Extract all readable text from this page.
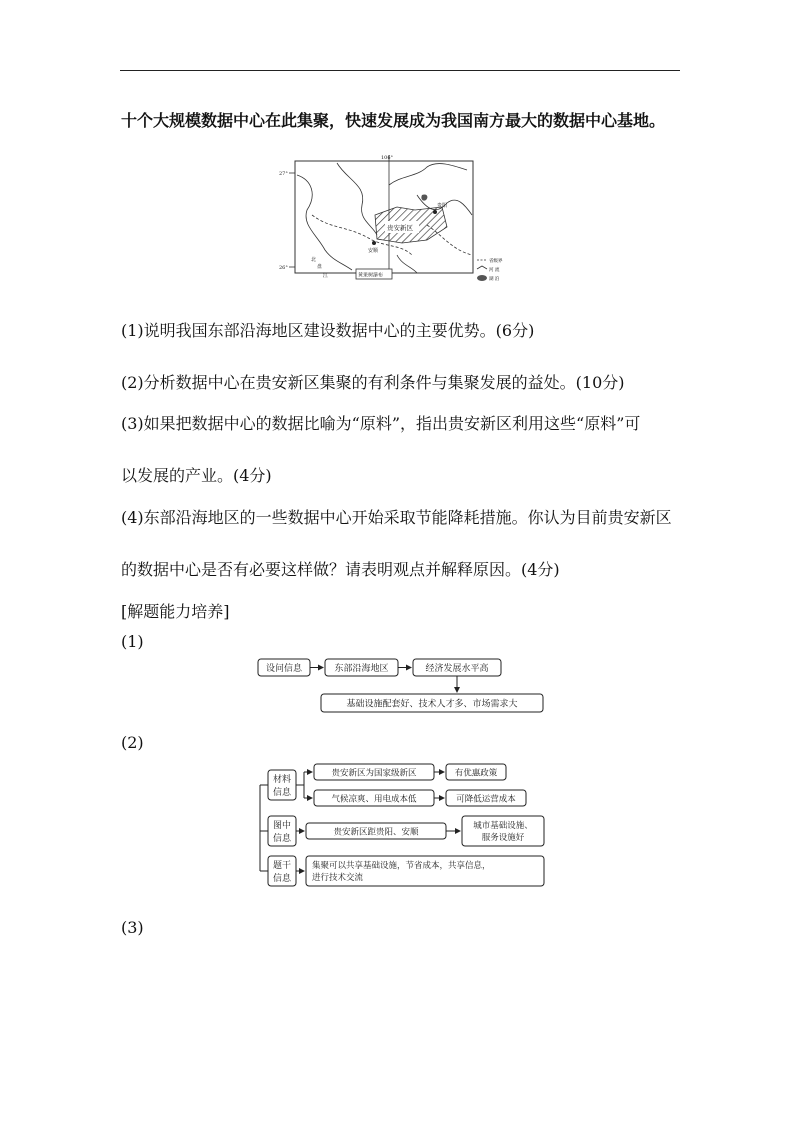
十个大规模数据中心在此集聚，快速发展成为我国南方最大的数据中心基地。
106°
27°
26°
贵安新区
贵阳
安顺
北
盘
江	黄果树瀑布
省级界
河 流
湖 泊
(1)说明我国东部沿海地区建设数据中心的主要优势。(6分)
(2)分析数据中心在贵安新区集聚的有利条件与集聚发展的益处。(10分)
(3)如果把数据中心的数据比喻为“原料”，指出贵安新区利用这些“原料”可
以发展的产业。(4分)
(4)东部沿海地区的一些数据中心开始采取节能降耗措施。你认为目前贵安新区
的数据中心是否有必要这样做？请表明观点并解释原因。(4分)
[解题能力培养]
(1)
设问信息	东部沿海地区	经济发展水平高
基础设施配套好、技术人才多、市场需求大
(2)
材料
信息
图中
信息
题干
信息
贵安新区为国家级新区	有优惠政策
气候凉爽、用电成本低	可降低运营成本
贵安新区距贵阳、安顺
城市基础设施、
服务设施好
集聚可以共享基础设施，节省成本，共享信息，
进行技术交流
(3)
